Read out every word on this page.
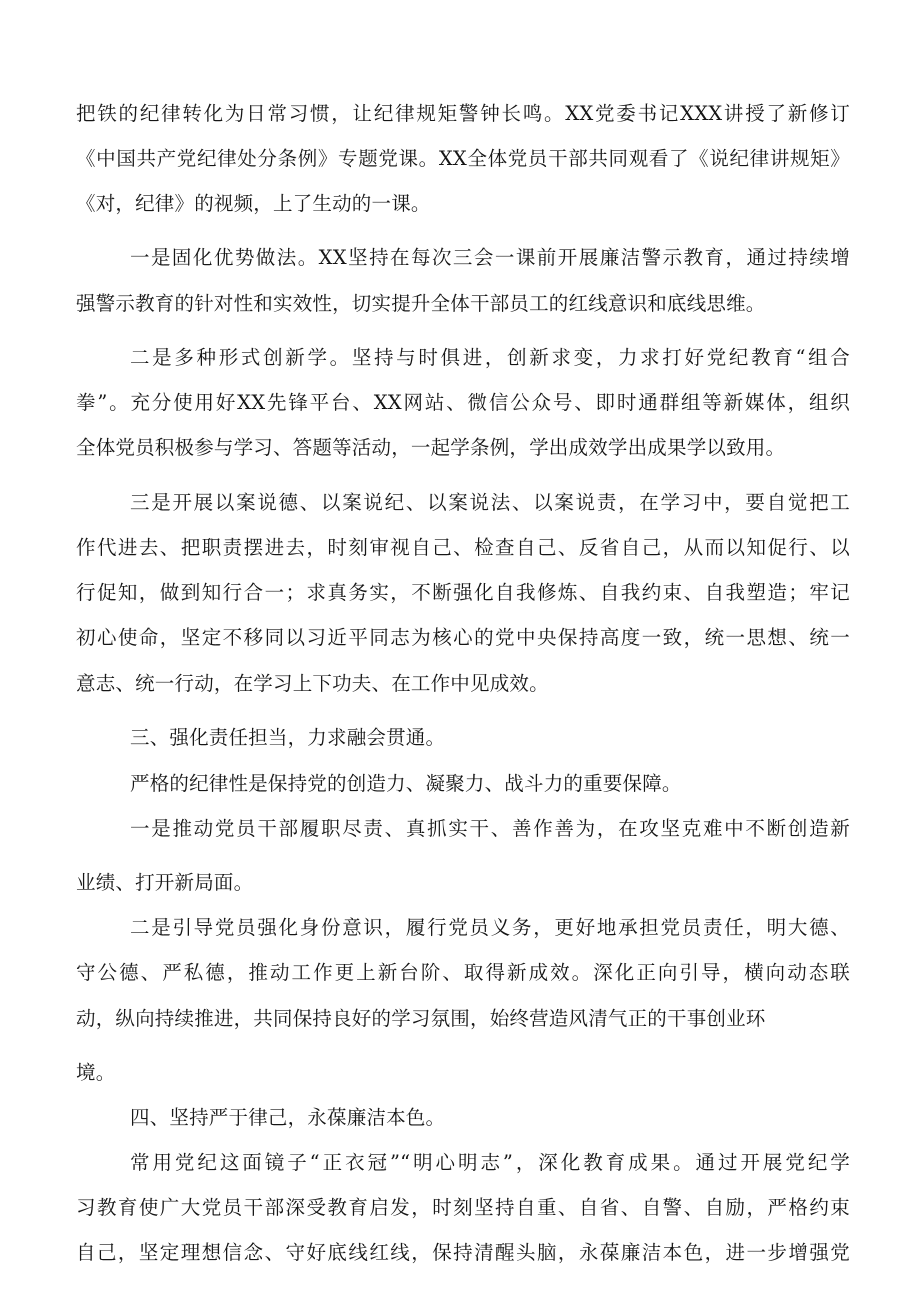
把铁的纪律转化为日常习惯，让纪律规矩警钟长鸣。XX党委书记XXX讲授了新修订
《中国共产党纪律处分条例》专题党课。XX全体党员干部共同观看了《说纪律讲规矩》
《对，纪律》的视频，上了生动的一课。
一是固化优势做法。XX坚持在每次三会一课前开展廉洁警示教育，通过持续增
强警示教育的针对性和实效性，切实提升全体干部员工的红线意识和底线思维。
二是多种形式创新学。坚持与时俱进，创新求变，力求打好党纪教育“组合
拳”。充分使用好XX先锋平台、XX网站、微信公众号、即时通群组等新媒体，组织
全体党员积极参与学习、答题等活动，一起学条例，学出成效学出成果学以致用。
三是开展以案说德、以案说纪、以案说法、以案说责，在学习中，要自觉把工
作代进去、把职责摆进去，时刻审视自己、检查自己、反省自己，从而以知促行、以
行促知，做到知行合一；求真务实，不断强化自我修炼、自我约束、自我塑造；牢记
初心使命，坚定不移同以习近平同志为核心的党中央保持高度一致，统一思想、统一
意志、统一行动，在学习上下功夫、在工作中见成效。
三、强化责任担当，力求融会贯通。
严格的纪律性是保持党的创造力、凝聚力、战斗力的重要保障。
一是推动党员干部履职尽责、真抓实干、善作善为，在攻坚克难中不断创造新
业绩、打开新局面。
二是引导党员强化身份意识，履行党员义务，更好地承担党员责任，明大德、
守公德、严私德，推动工作更上新台阶、取得新成效。深化正向引导，横向动态联
动，纵向持续推进，共同保持良好的学习氛围，始终营造风清气正的干事创业环
境。
四、坚持严于律己，永葆廉洁本色。
常用党纪这面镜子“正衣冠”“明心明志”，深化教育成果。通过开展党纪学
习教育使广大党员干部深受教育启发，时刻坚持自重、自省、自警、自励，严格约束
自己，坚定理想信念、守好底线红线，保持清醒头脑，永葆廉洁本色，进一步增强党
